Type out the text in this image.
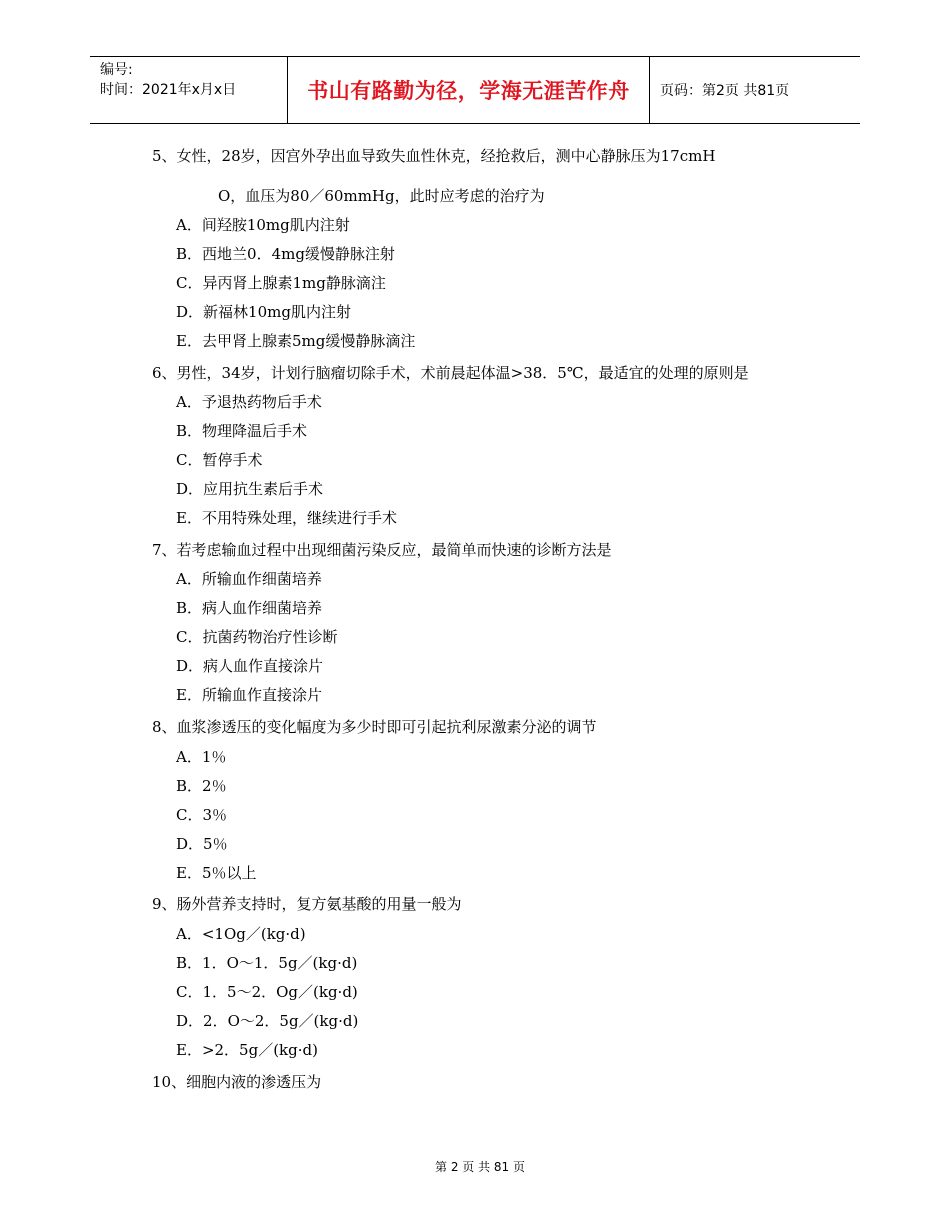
编号:
时间：2021年x月x日	书山有路勤为径，学海无涯苦作舟	页码：第2页 共81页
5、女性，28岁，因宫外孕出血导致失血性休克，经抢救后，测中心静脉压为17cmH
O，血压为80／60mmHg，此时应考虑的治疗为
A．间羟胺10mg肌内注射
B．西地兰0．4mg缓慢静脉注射
C．异丙肾上腺素1mg静脉滴注
D．新福林10mg肌内注射
E．去甲肾上腺素5mg缓慢静脉滴注
6、男性，34岁，计划行脑瘤切除手术，术前晨起体温>38．5℃，最适宜的处理的原则是
A．予退热药物后手术
B．物理降温后手术
C．暂停手术
D．应用抗生素后手术
E．不用特殊处理，继续进行手术
7、若考虑输血过程中出现细菌污染反应，最简单而快速的诊断方法是
A．所输血作细菌培养
B．病人血作细菌培养
C．抗菌药物治疗性诊断
D．病人血作直接涂片
E．所输血作直接涂片
8、血浆渗透压的变化幅度为多少时即可引起抗利尿激素分泌的调节
A．1％
B．2％
C．3％
D．5％
E．5％以上
9、肠外营养支持时，复方氨基酸的用量一般为
A．<1Og／(kg·d)
B．1．O～1．5g／(kg·d)
C．1．5～2．Og／(kg·d)
D．2．O～2．5g／(kg·d)
E．>2．5g／(kg·d)
10、细胞内液的渗透压为
第 2 页 共 81 页
